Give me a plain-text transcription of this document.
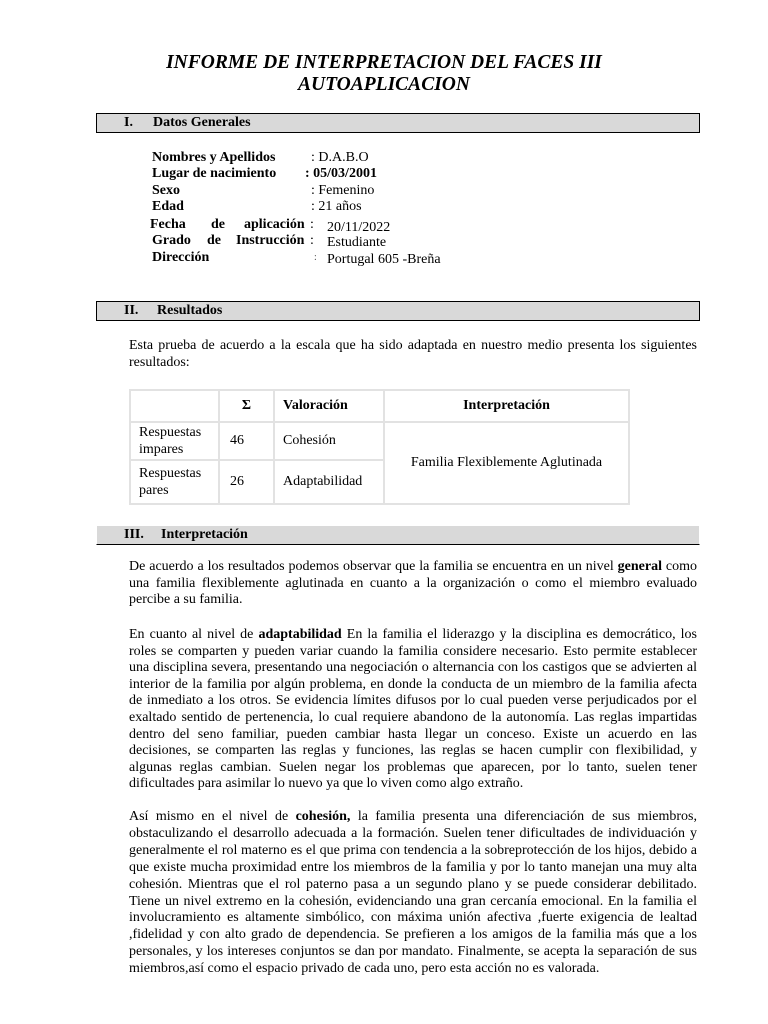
INFORME DE INTERPRETACION DEL FACES III
AUTOAPLICACION
I. Datos Generales
Nombres y Apellidos	: D.A.B.O
Lugar de nacimiento : 05/03/2001
Sexo	: Femenino
Edad	: 21 años
Fecha de aplicación : 20/11/2022
Grado de Instrucción : Estudiante
Dirección	: Portugal 605 -Breña
II. Resultados
Esta prueba de acuerdo a la escala que ha sido adaptada en nuestro medio presenta los siguientes resultados:
	Σ	Valoración	Interpretación
Respuestas impares	46	Cohesión	Familia Flexiblemente Aglutinada
Respuestas pares	26	Adaptabilidad	
III. Interpretación
De acuerdo a los resultados podemos observar que la familia se encuentra en un nivel general como una familia flexiblemente aglutinada en cuanto a la organización o como el miembro evaluado percibe a su familia.
En cuanto al nivel de adaptabilidad En la familia el liderazgo y la disciplina es democrático, los roles se comparten y pueden variar cuando la familia considere necesario. Esto permite establecer una disciplina severa, presentando una negociación o alternancia con los castigos que se advierten al interior de la familia por algún problema, en donde la conducta de un miembro de la familia afecta de inmediato a los otros. Se evidencia límites difusos por lo cual pueden verse perjudicados por el exaltado sentido de pertenencia, lo cual requiere abandono de la autonomía. Las reglas impartidas dentro del seno familiar, pueden cambiar hasta llegar un conceso. Existe un acuerdo en las decisiones, se comparten las reglas y funciones, las reglas se hacen cumplir con flexibilidad, y algunas reglas cambian. Suelen negar los problemas que aparecen, por lo tanto, suelen tener dificultades para asimilar lo nuevo ya que lo viven como algo extraño.
Así mismo en el nivel de cohesión, la familia presenta una diferenciación de sus miembros, obstaculizando el desarrollo adecuada a la formación. Suelen tener dificultades de individuación y generalmente el rol materno es el que prima con tendencia a la sobreprotección de los hijos, debido a que existe mucha proximidad entre los miembros de la familia y por lo tanto manejan una muy alta cohesión. Mientras que el rol paterno pasa a un segundo plano y se puede considerar debilitado. Tiene un nivel extremo en la cohesión, evidenciando una gran cercanía emocional. En la familia el involucramiento es altamente simbólico, con máxima unión afectiva ,fuerte exigencia de lealtad ,fidelidad y con alto grado de dependencia. Se prefieren a los amigos de la familia más que a los personales, y los intereses conjuntos se dan por mandato. Finalmente, se acepta la separación de sus miembros,así como el espacio privado de cada uno, pero esta acción no es valorada.
